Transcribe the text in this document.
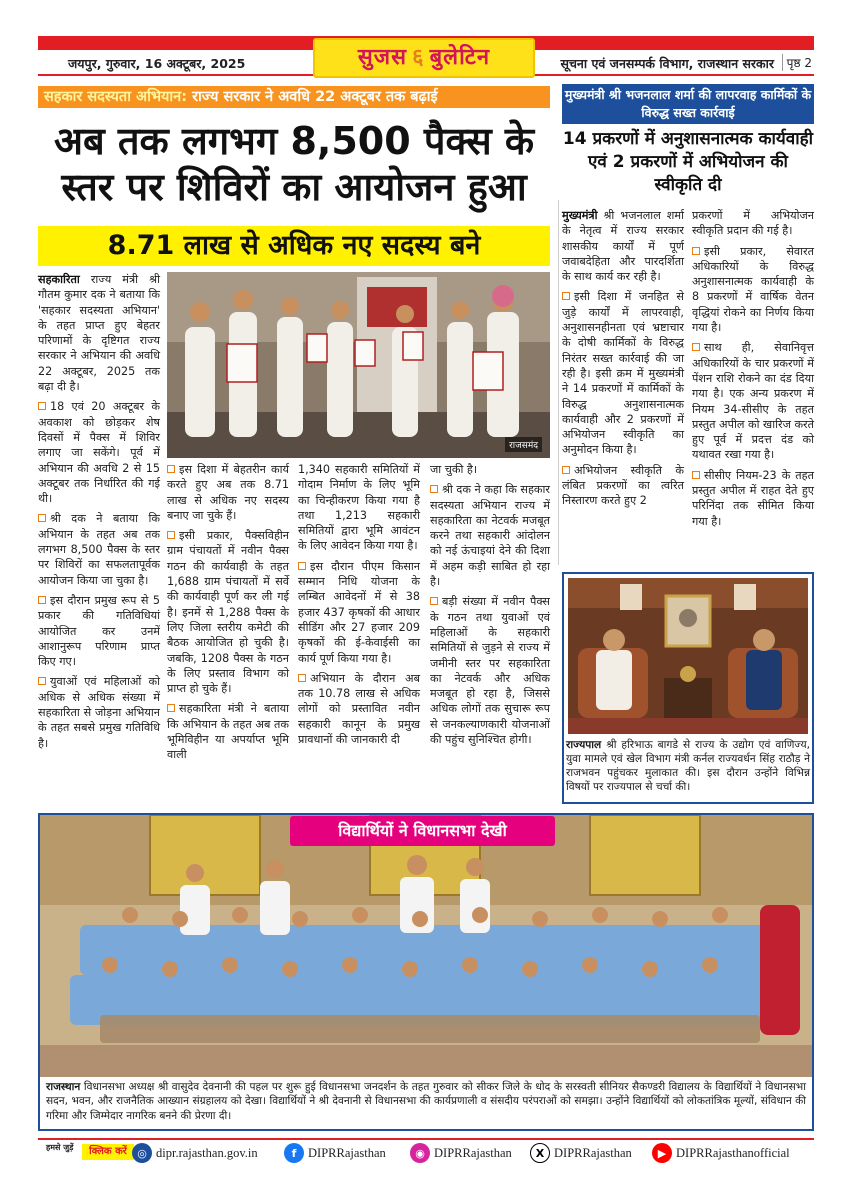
जयपुर, गुरुवार, 16 अक्टूबर, 2025	सूचना एवं जनसम्पर्क विभाग, राजस्थान सरकार	पृष्ठ 2
सुजस ६ बुलेटिन
सहकार सदस्यता अभियान: राज्य सरकार ने अवधि 22 अक्टूबर तक बढ़ाई
अब तक लगभग 8,500 पैक्स के
स्तर पर शिविरों का आयोजन हुआ
8.71 लाख से अधिक नए सदस्य बने
राजसमंद

सहकारिता राज्य मंत्री श्री गौतम कुमार दक ने बताया कि 'सहकार सदस्यता अभियान' के तहत प्राप्त हुए बेहतर परिणामों के दृष्टिगत राज्य सरकार ने अभियान की अवधि 22 अक्टूबर, 2025 तक बढ़ा दी है।

18 एवं 20 अक्टूबर के अवकाश को छोड़कर शेष दिवसों में पैक्स में शिविर लगाए जा सकेंगे। पूर्व में अभियान की अवधि 2 से 15 अक्टूबर तक निर्धारित की गई थी।

श्री दक ने बताया कि अभियान के तहत अब तक लगभग 8,500 पैक्स के स्तर पर शिविरों का सफलतापूर्वक आयोजन किया जा चुका है।

इस दौरान प्रमुख रूप से 5 प्रकार की गतिविधियां आयोजित कर उनमें आशानुरूप परिणाम प्राप्त किए गए।

युवाओं एवं महिलाओं को अधिक से अधिक संख्या में सहकारिता से जोड़ना अभियान के तहत सबसे प्रमुख गतिविधि है।

इस दिशा में बेहतरीन कार्य करते हुए अब तक 8.71 लाख से अधिक नए सदस्य बनाए जा चुके हैं।

इसी प्रकार, पैक्सविहीन ग्राम पंचायतों में नवीन पैक्स गठन की कार्यवाही के तहत 1,688 ग्राम पंचायतों में सर्वे की कार्यवाही पूर्ण कर ली गई है। इनमें से 1,288 पैक्स के लिए जिला स्तरीय कमेटी की बैठक आयोजित हो चुकी है। जबकि, 1208 पैक्स के गठन के लिए प्रस्ताव विभाग को प्राप्त हो चुके हैं।

सहकारिता मंत्री ने बताया कि अभियान के तहत अब तक भूमिविहीन या अपर्याप्त भूमि वाली

1,340 सहकारी समितियों में गोदाम निर्माण के लिए भूमि का चिन्हीकरण किया गया है तथा 1,213 सहकारी समितियों द्वारा भूमि आवंटन के लिए आवेदन किया गया है।

इस दौरान पीएम किसान सम्मान निधि योजना के लम्बित आवेदनों में से 38 हजार 437 कृषकों की आधार सीडिंग और 27 हजार 209 कृषकों की ई-केवाईसी का कार्य पूर्ण किया गया है।

अभियान के दौरान अब तक 10.78 लाख से अधिक लोगों को प्रस्तावित नवीन सहकारी कानून के प्रमुख प्रावधानों की जानकारी दी

जा चुकी है।

श्री दक ने कहा कि सहकार सदस्यता अभियान राज्य में सहकारिता का नेटवर्क मजबूत करने तथा सहकारी आंदोलन को नई ऊंचाइयां देने की दिशा में अहम कड़ी साबित हो रहा है।

बड़ी संख्या में नवीन पैक्स के गठन तथा युवाओं एवं महिलाओं के सहकारी समितियों से जुड़ने से राज्य में जमीनी स्तर पर सहकारिता का नेटवर्क और अधिक मजबूत हो रहा है, जिससे अधिक लोगों तक सुचारू रूप से जनकल्याणकारी योजनाओं की पहुंच सुनिश्चित होगी।

मुख्यमंत्री श्री भजनलाल शर्मा की लापरवाह कार्मिकों के विरुद्ध सख्त कार्रवाई
14 प्रकरणों में अनुशासनात्मक कार्यवाही एवं 2 प्रकरणों में अभियोजन की स्वीकृति दी

मुख्यमंत्री श्री भजनलाल शर्मा के नेतृत्व में राज्य सरकार शासकीय कार्यों में पूर्ण जवाबदेहिता और पारदर्शिता के साथ कार्य कर रही है।

इसी दिशा में जनहित से जुड़े कार्यों में लापरवाही, अनुशासनहीनता एवं भ्रष्टाचार के दोषी कार्मिकों के विरुद्ध निरंतर सख्त कार्रवाई की जा रही है। इसी क्रम में मुख्यमंत्री ने 14 प्रकरणों में कार्मिकों के विरुद्ध अनुशासनात्मक कार्यवाही और 2 प्रकरणों में अभियोजन स्वीकृति का अनुमोदन किया है।

अभियोजन स्वीकृति के लंबित प्रकरणों का त्वरित निस्तारण करते हुए 2

प्रकरणों में अभियोजन स्वीकृति प्रदान की गई है।

इसी प्रकार, सेवारत अधिकारियों के विरुद्ध अनुशासनात्मक कार्यवाही के 8 प्रकरणों में वार्षिक वेतन वृद्धियां रोकने का निर्णय किया गया है।

साथ ही, सेवानिवृत्त अधिकारियों के चार प्रकरणों में पेंशन राशि रोकने का दंड दिया गया है। एक अन्य प्रकरण में नियम 34-सीसीए के तहत प्रस्तुत अपील को खारिज करते हुए पूर्व में प्रदत्त दंड को यथावत रखा गया है।

सीसीए नियम-23 के तहत प्रस्तुत अपील में राहत देते हुए परिनिंदा तक सीमित किया गया है।

राज्यपाल श्री हरिभाऊ बागडे से राज्य के उद्योग एवं वाणिज्य, युवा मामले एवं खेल विभाग मंत्री कर्नल राज्यवर्धन सिंह राठौड़ ने राजभवन पहुंचकर मुलाकात की। इस दौरान उन्होंने विभिन्न विषयों पर राज्यपाल से चर्चा की।
विद्यार्थियों ने विधानसभा देखी
राजस्थान विधानसभा अध्यक्ष श्री वासुदेव देवनानी की पहल पर शुरू हुई विधानसभा जनदर्शन के तहत गुरुवार को सीकर जिले के धोद के सरस्वती सीनियर सैकण्डरी विद्यालय के विद्यार्थियों ने विधानसभा सदन, भवन, और राजनैतिक आख्यान संग्रहालय को देखा। विद्यार्थियों ने श्री देवनानी से विधानसभा की कार्यप्रणाली व संसदीय परंपराओं को समझा। उन्होंने विद्यार्थियों को लोकतांत्रिक मूल्यों, संविधान की गरिमा और जिम्मेदार नागरिक बनने की प्रेरणा दी।
हमसे जुड़ें	क्लिक करें ◎ dipr.rajasthan.gov.in	f DIPRRajasthan	◉ DIPRRajasthan	X DIPRRajasthan	▶ DIPRRajasthanofficial
